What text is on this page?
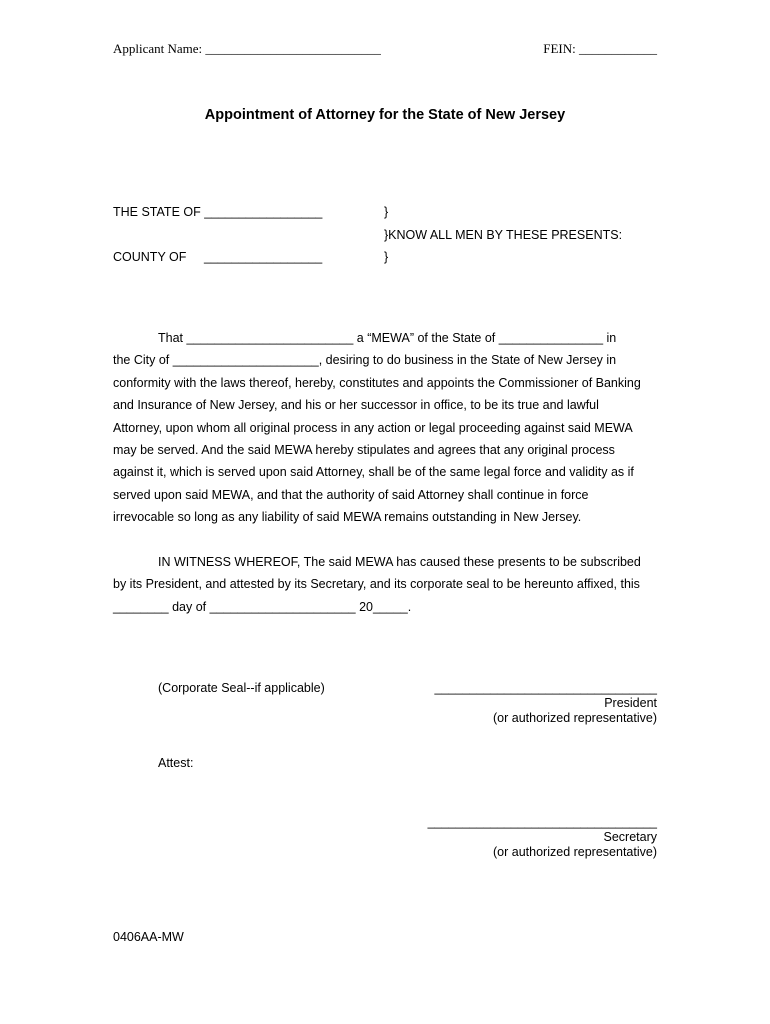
Applicant Name: ___________________________	FEIN: ____________
Appointment of Attorney for the State of New Jersey
THE STATE OF _________________	}
}KNOW ALL MEN BY THESE PRESENTS:
COUNTY OF _________________	}
That ________________________ a “MEWA” of the State of _______________ in
the City of _____________________, desiring to do business in the State of New Jersey in
conformity with the laws thereof, hereby, constitutes and appoints the Commissioner of Banking
and Insurance of New Jersey, and his or her successor in office, to be its true and lawful
Attorney, upon whom all original process in any action or legal proceeding against said MEWA
may be served. And the said MEWA hereby stipulates and agrees that any original process
against it, which is served upon said Attorney, shall be of the same legal force and validity as if
served upon said MEWA, and that the authority of said Attorney shall continue in force
irrevocable so long as any liability of said MEWA remains outstanding in New Jersey.
IN WITNESS WHEREOF, The said MEWA has caused these presents to be subscribed
by its President, and attested by its Secretary, and its corporate seal to be hereunto affixed, this
________ day of _____________________ 20_____.
(Corporate Seal--if applicable)	________________________________
President
(or authorized representative)
Attest:
_________________________________
Secretary
(or authorized representative)
0406AA-MW
